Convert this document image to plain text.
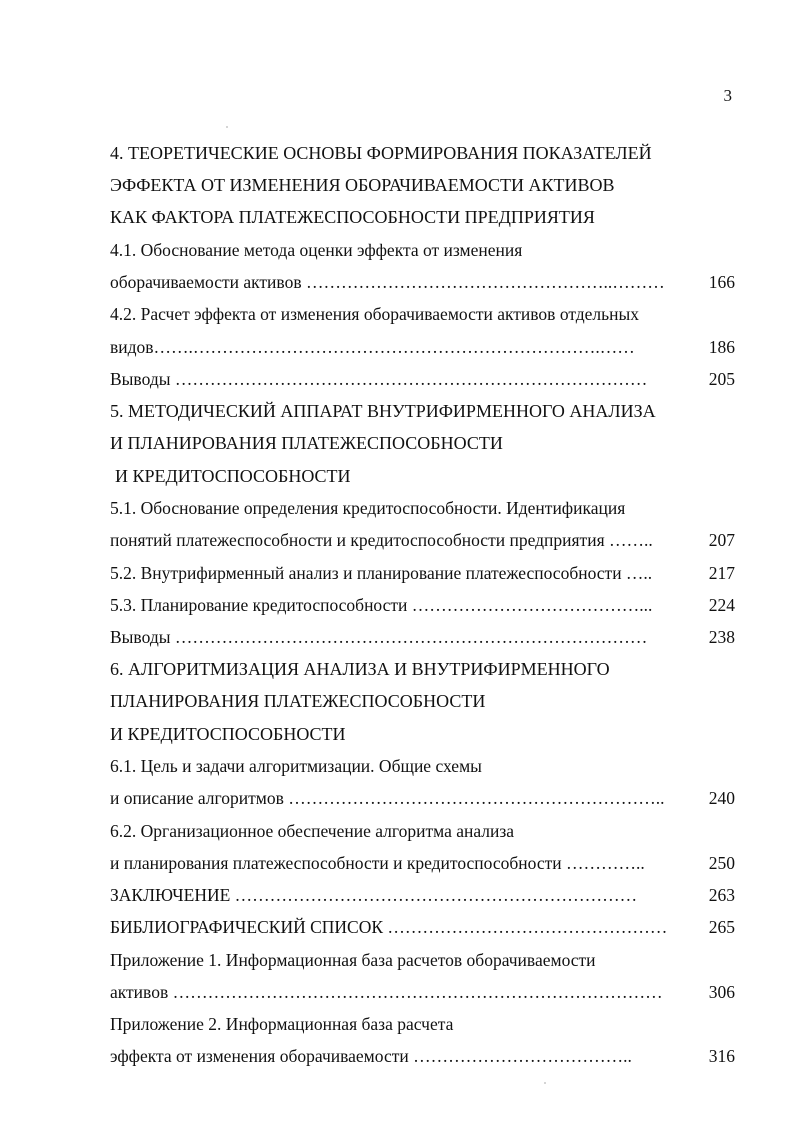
3
4. ТЕОРЕТИЧЕСКИЕ ОСНОВЫ ФОРМИРОВАНИЯ ПОКАЗАТЕЛЕЙ
ЭФФЕКТА ОТ ИЗМЕНЕНИЯ ОБОРАЧИВАЕМОСТИ АКТИВОВ
КАК ФАКТОРА ПЛАТЕЖЕСПОСОБНОСТИ ПРЕДПРИЯТИЯ
4.1. Обоснование метода оценки эффекта от изменения
оборачиваемости активов ……………………………………………..………	166
4.2. Расчет эффекта от изменения оборачиваемости активов отдельных
видов…….…………………………………………………………….……	186
Выводы ………………………………………………………………………	205
5. МЕТОДИЧЕСКИЙ АППАРАТ ВНУТРИФИРМЕННОГО АНАЛИЗА
И ПЛАНИРОВАНИЯ ПЛАТЕЖЕСПОСОБНОСТИ
И КРЕДИТОСПОСОБНОСТИ
5.1. Обоснование определения кредитоспособности. Идентификация
понятий платежеспособности и кредитоспособности предприятия ……..	207
5.2. Внутрифирменный анализ и планирование платежеспособности …..	217
5.3. Планирование кредитоспособности …………………………………...	224
Выводы ………………………………………………………………………	238
6. АЛГОРИТМИЗАЦИЯ АНАЛИЗА И ВНУТРИФИРМЕННОГО
ПЛАНИРОВАНИЯ ПЛАТЕЖЕСПОСОБНОСТИ
И КРЕДИТОСПОСОБНОСТИ
6.1. Цель и задачи алгоритмизации. Общие схемы
и описание алгоритмов ………………………………………………………..	240
6.2. Организационное обеспечение алгоритма анализа
и планирования платежеспособности и кредитоспособности …………..	250
ЗАКЛЮЧЕНИЕ ……………………………………………………………	263
БИБЛИОГРАФИЧЕСКИЙ СПИСОК …………………………………………	265
Приложение 1. Информационная база расчетов оборачиваемости
активов …………………………………………………………………………	306
Приложение 2. Информационная база расчета
эффекта от изменения оборачиваемости ………………………………..	316
